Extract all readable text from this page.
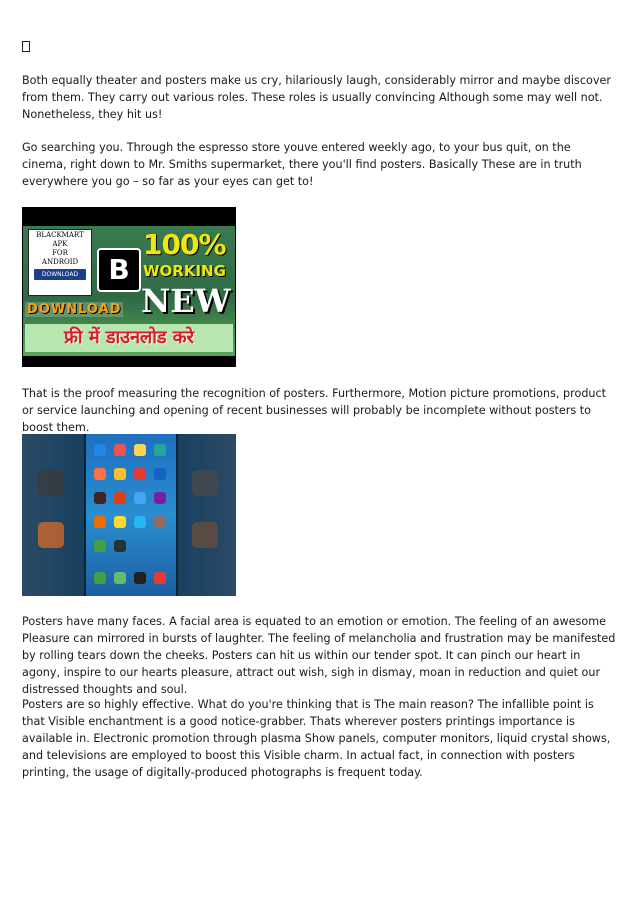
Both equally theater and posters make us cry, hilariously laugh, considerably mirror and maybe discover from them. They carry out various roles. These roles is usually convincing Although some may well not. Nonetheless, they hit us!

Go searching you. Through the espresso store youve entered weekly ago, to your bus quit, on the cinema, right down to Mr. Smiths supermarket, there you'll find posters. Basically These are in truth everywhere you go – so far as your eyes can get to!

BLACKMART
APK
FOR
ANDROID
DOWNLOAD	B
100%
WORKING
DOWNLOAD NEW
फ्री में डाउनलोड करे

That is the proof measuring the recognition of posters. Furthermore, Motion picture promotions, product or service launching and opening of recent businesses will probably be incomplete without posters to boost them.

Posters have many faces. A facial area is equated to an emotion or emotion. The feeling of an awesome Pleasure can mirrored in bursts of laughter. The feeling of melancholia and frustration may be manifested by rolling tears down the cheeks. Posters can hit us within our tender spot. It can pinch our heart in agony, inspire to our hearts pleasure, attract out wish, sigh in dismay, moan in reduction and quiet our distressed thoughts and soul.

Posters are so highly effective. What do you're thinking that is The main reason? The infallible point is that Visible enchantment is a good notice-grabber. Thats wherever posters printings importance is available in. Electronic promotion through plasma Show panels, computer monitors, liquid crystal shows, and televisions are employed to boost this Visible charm. In actual fact, in connection with posters printing, the usage of digitally-produced photographs is frequent today.
